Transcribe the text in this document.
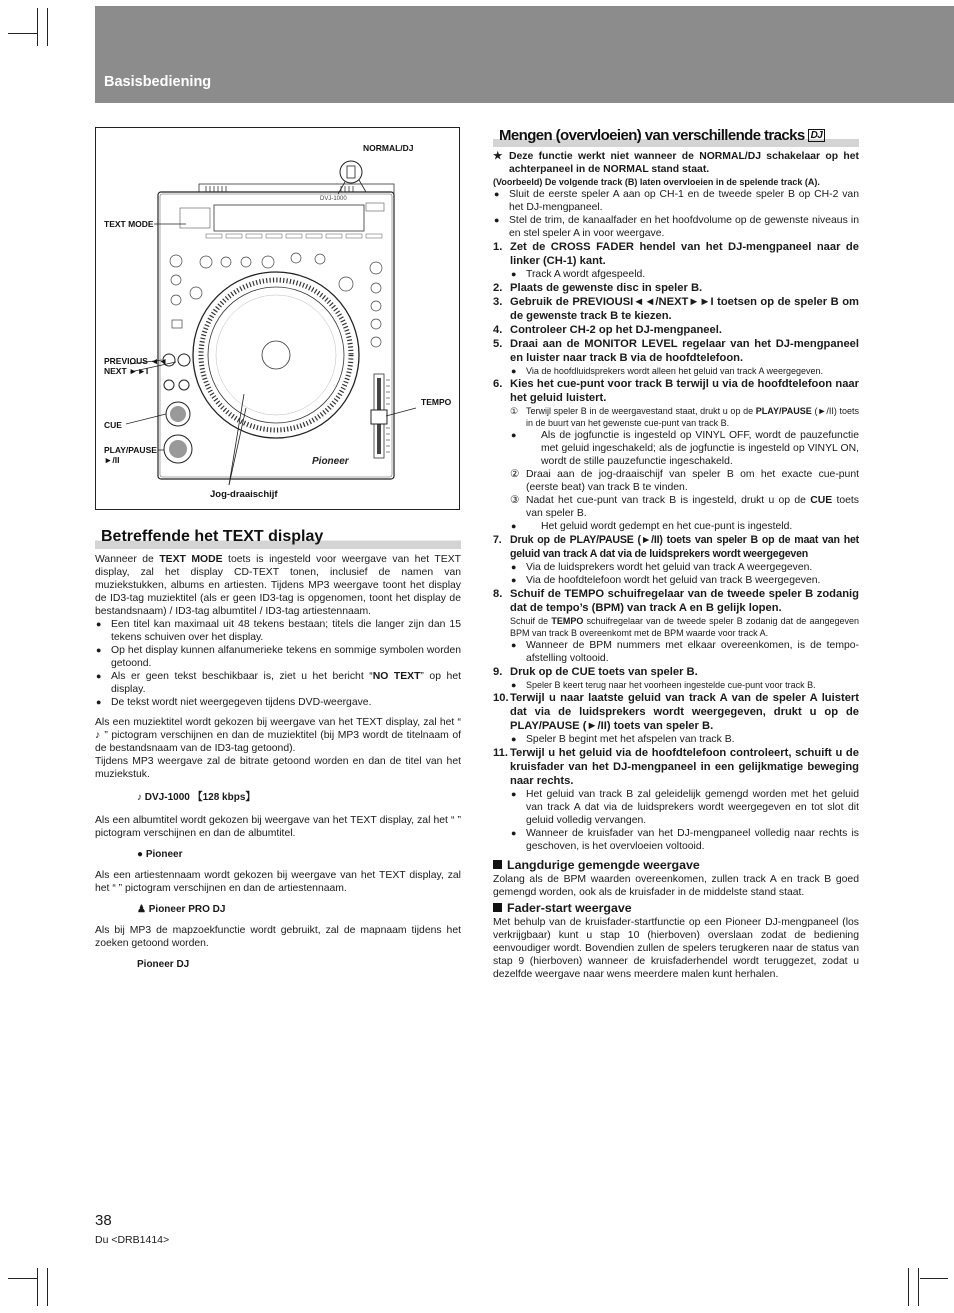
Basisbediening
DVJ-1000
Pioneer
NORMAL/DJ
TEXT MODE
PREVIOUS ◄◄
NEXT ►►I
CUE
PLAY/PAUSE
►/II
TEMPO
Jog-draaischijf
Betreffende het TEXT display

Wanneer de TEXT MODE toets is ingesteld voor weergave van het TEXT display, zal het display CD-TEXT tonen, inclusief de namen van muziekstukken, albums en artiesten. Tijdens MP3 weergave toont het display de ID3-tag muziektitel (als er geen ID3-tag is opgenomen, toont het display de bestandsnaam) / ID3-tag albumtitel / ID3-tag artiestennaam.

● Een titel kan maximaal uit 48 tekens bestaan; titels die langer zijn dan 15 tekens schuiven over het display.

● Op het display kunnen alfanumerieke tekens en sommige symbolen worden getoond.

● Als er geen tekst beschikbaar is, ziet u het bericht “NO TEXT” op het display.

● De tekst wordt niet weergegeven tijdens DVD-weergave.

Als een muziektitel wordt gekozen bij weergave van het TEXT display, zal het “ ♪ ” pictogram verschijnen en dan de muziektitel (bij MP3 wordt de titelnaam of de bestandsnaam van de ID3-tag getoond).

Tijdens MP3 weergave zal de bitrate getoond worden en dan de titel van het muziekstuk.

♪ DVJ-1000 【128 kbps】

Als een albumtitel wordt gekozen bij weergave van het TEXT display, zal het “ ” pictogram verschijnen en dan de albumtitel.

● Pioneer

Als een artiestennaam wordt gekozen bij weergave van het TEXT display, zal het “ ” pictogram verschijnen en dan de artiestennaam.

♟ Pioneer PRO DJ

Als bij MP3 de mapzoekfunctie wordt gebruikt, zal de mapnaam tijdens het zoeken getoond worden.

Pioneer DJ

Mengen (overvloeien) van verschillende tracks DJ

★ Deze functie werkt niet wanneer de NORMAL/DJ schakelaar op het achterpaneel in de NORMAL stand staat.

(Voorbeeld) De volgende track (B) laten overvloeien in de spelende track (A).

● Sluit de eerste speler A aan op CH-1 en de tweede speler B op CH-2 van het DJ-mengpaneel.

● Stel de trim, de kanaalfader en het hoofdvolume op de gewenste niveaus in en stel speler A in voor weergave.

1. Zet de CROSS FADER hendel van het DJ-mengpaneel naar de linker (CH-1) kant.

● Track A wordt afgespeeld.

2. Plaats de gewenste disc in speler B.

3. Gebruik de PREVIOUSI◄◄/NEXT►►I toetsen op de speler B om de gewenste track B te kiezen.

4. Controleer CH-2 op het DJ-mengpaneel.

5. Draai aan de MONITOR LEVEL regelaar van het DJ-mengpaneel en luister naar track B via de hoofdtelefoon.

● Via de hoofdluidsprekers wordt alleen het geluid van track A weergegeven.

6. Kies het cue-punt voor track B terwijl u via de hoofdtelefoon naar het geluid luistert.

① Terwijl speler B in de weergavestand staat, drukt u op de PLAY/PAUSE (►/II) toets in de buurt van het gewenste cue-punt van track B.

● Als de jogfunctie is ingesteld op VINYL OFF, wordt de pauzefunctie met geluid ingeschakeld; als de jogfunctie is ingesteld op VINYL ON, wordt de stille pauzefunctie ingeschakeld.

② Draai aan de jog-draaischijf van speler B om het exacte cue-punt (eerste beat) van track B te vinden.

③ Nadat het cue-punt van track B is ingesteld, drukt u op de CUE toets van speler B.

● Het geluid wordt gedempt en het cue-punt is ingesteld.

7. Druk op de PLAY/PAUSE (►/II) toets van speler B op de maat van het geluid van track A dat via de luidsprekers wordt weergegeven

● Via de luidsprekers wordt het geluid van track A weergegeven.

● Via de hoofdtelefoon wordt het geluid van track B weergegeven.

8. Schuif de TEMPO schuifregelaar van de tweede speler B zodanig dat de tempo’s (BPM) van track A en B gelijk lopen.

Schuif de TEMPO schuifregelaar van de tweede speler B zodanig dat de aangegeven BPM van track B overeenkomt met de BPM waarde voor track A.

● Wanneer de BPM nummers met elkaar overeenkomen, is de tempo-afstelling voltooid.

9. Druk op de CUE toets van speler B.

● Speler B keert terug naar het voorheen ingestelde cue-punt voor track B.

10. Terwijl u naar laatste geluid van track A van de speler A luistert dat via de luidsprekers wordt weergegeven, drukt u op de PLAY/PAUSE (►/II) toets van speler B.

● Speler B begint met het afspelen van track B.

11. Terwijl u het geluid via de hoofdtelefoon controleert, schuift u de kruisfader van het DJ-mengpaneel in een gelijkmatige beweging naar rechts.

● Het geluid van track B zal geleidelijk gemengd worden met het geluid van track A dat via de luidsprekers wordt weergegeven en tot slot dit geluid volledig vervangen.

● Wanneer de kruisfader van het DJ-mengpaneel volledig naar rechts is geschoven, is het overvloeien voltooid.

Langdurige gemengde weergave

Zolang als de BPM waarden overeenkomen, zullen track A en track B goed gemengd worden, ook als de kruisfader in de middelste stand staat.

Fader-start weergave

Met behulp van de kruisfader-startfunctie op een Pioneer DJ-mengpaneel (los verkrijgbaar) kunt u stap 10 (hierboven) overslaan zodat de bediening eenvoudiger wordt. Bovendien zullen de spelers terugkeren naar de status van stap 9 (hierboven) wanneer de kruisfaderhendel wordt teruggezet, zodat u dezelfde weergave naar wens meerdere malen kunt herhalen.

38
Du <DRB1414>
